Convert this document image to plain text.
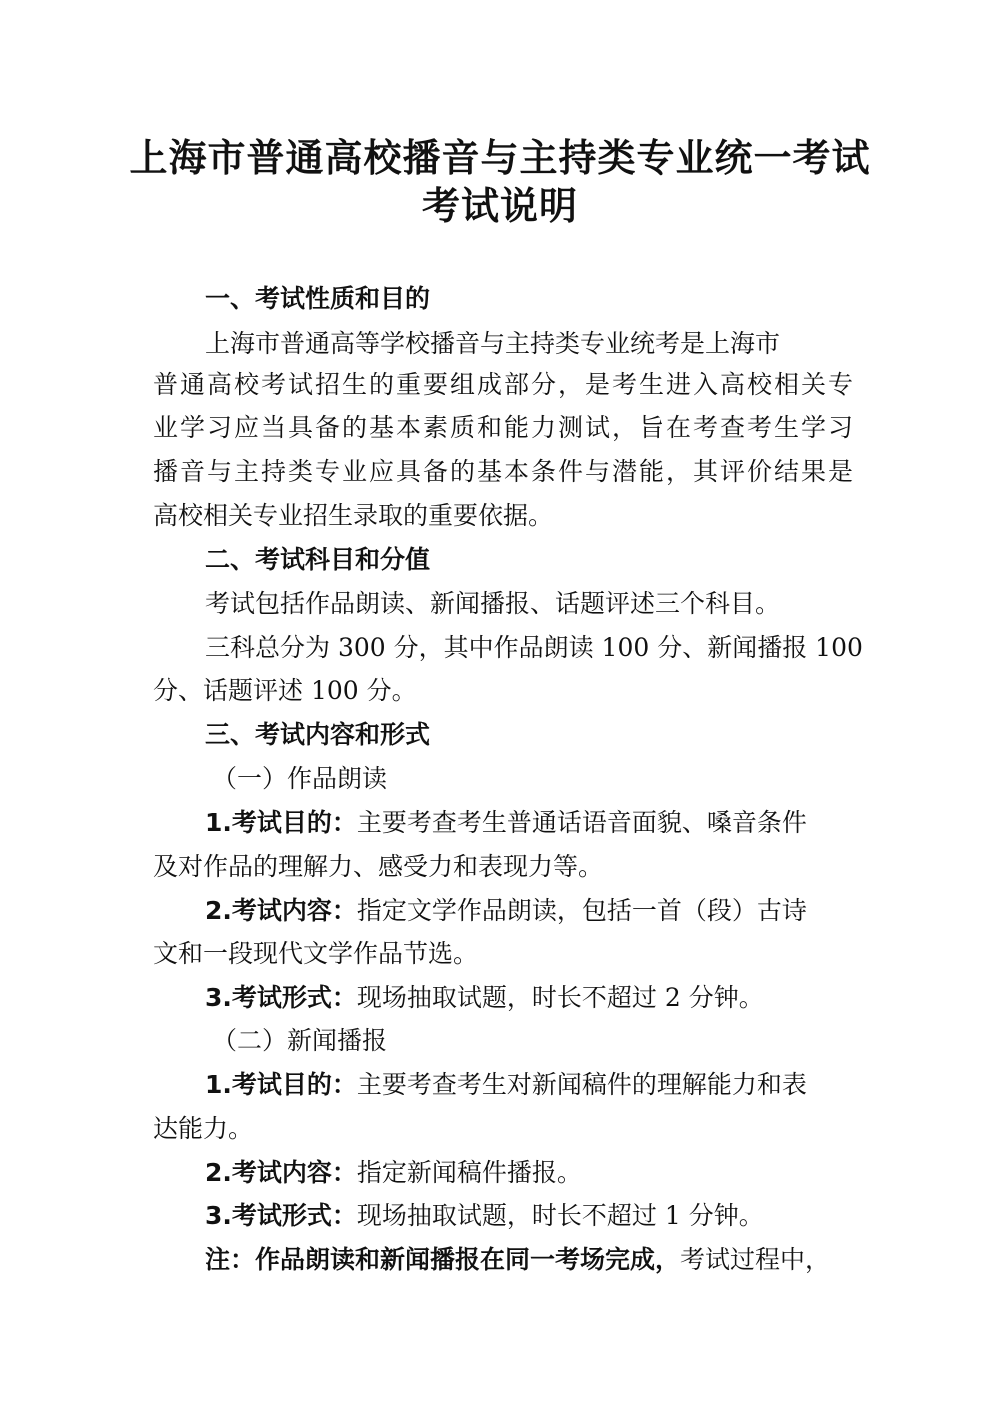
上海市普通高校播音与主持类专业统一考试
考试说明

一、考试性质和目的

上海市普通高等学校播音与主持类专业统考是上海市

普通高校考试招生的重要组成部分，是考生进入高校相关专

业学习应当具备的基本素质和能力测试，旨在考查考生学习

播音与主持类专业应具备的基本条件与潜能，其评价结果是

高校相关专业招生录取的重要依据。

二、考试科目和分值

考试包括作品朗读、新闻播报、话题评述三个科目。

三科总分为 300 分，其中作品朗读 100 分、新闻播报 100

分、话题评述 100 分。

三、考试内容和形式

（一）作品朗读

1.考试目的：主要考查考生普通话语音面貌、嗓音条件

及对作品的理解力、感受力和表现力等。

2.考试内容：指定文学作品朗读，包括一首（段）古诗

文和一段现代文学作品节选。

3.考试形式：现场抽取试题，时长不超过 2 分钟。

（二）新闻播报

1.考试目的：主要考查考生对新闻稿件的理解能力和表

达能力。

2.考试内容：指定新闻稿件播报。

3.考试形式：现场抽取试题，时长不超过 1 分钟。

注：作品朗读和新闻播报在同一考场完成，考试过程中，
